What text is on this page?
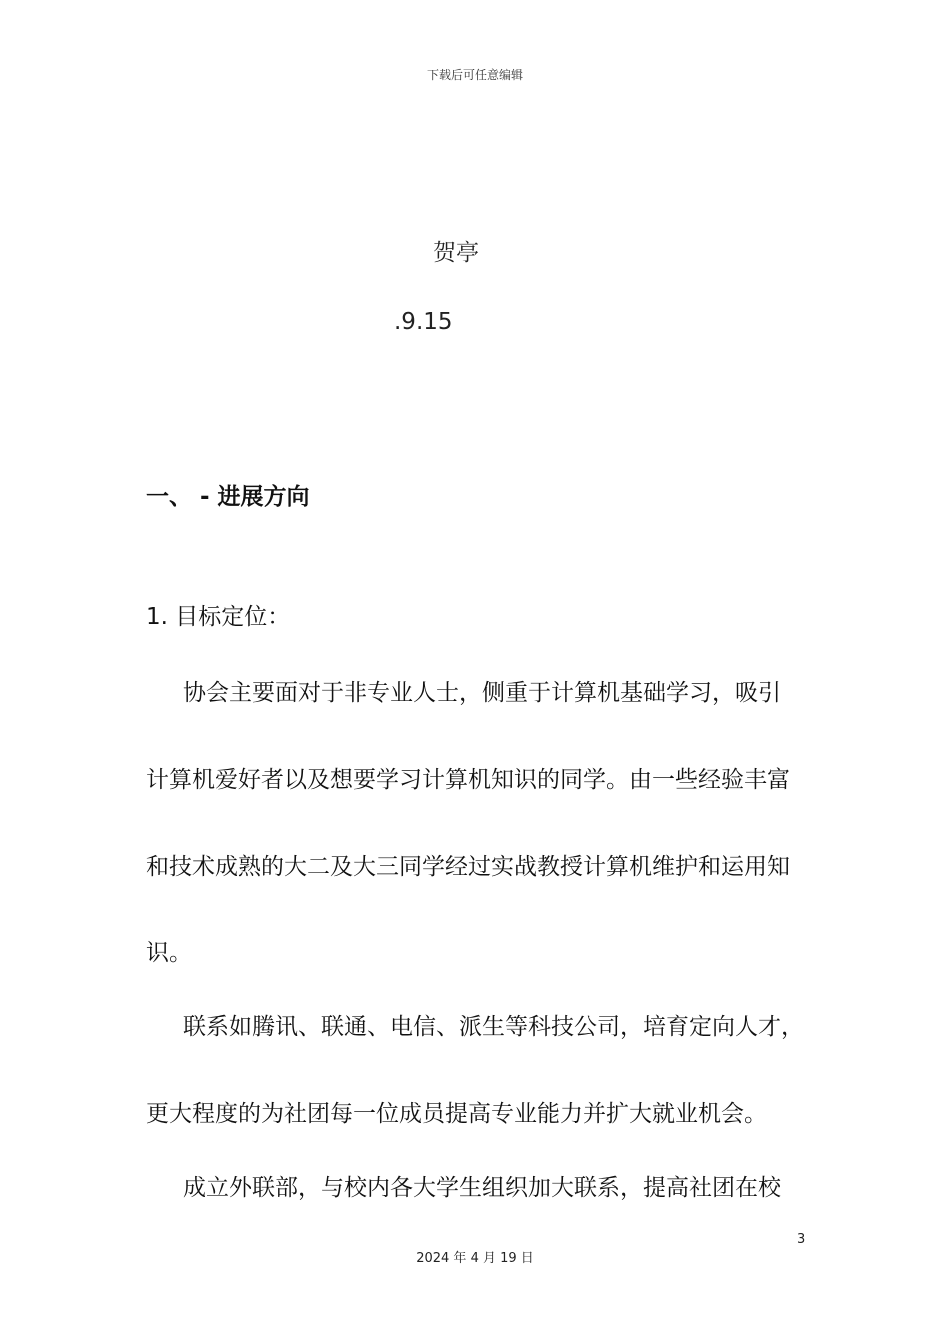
下载后可任意编辑
贺亭
.9.15
一、 - 进展方向
1. 目标定位：
协会主要面对于非专业人士，侧重于计算机基础学习，吸引
计算机爱好者以及想要学习计算机知识的同学。由一些经验丰富
和技术成熟的大二及大三同学经过实战教授计算机维护和运用知
识。
联系如腾讯、联通、电信、派生等科技公司，培育定向人才，
更大程度的为社团每一位成员提高专业能力并扩大就业机会。
成立外联部，与校内各大学生组织加大联系，提高社团在校
3
2024 年 4 月 19 日
